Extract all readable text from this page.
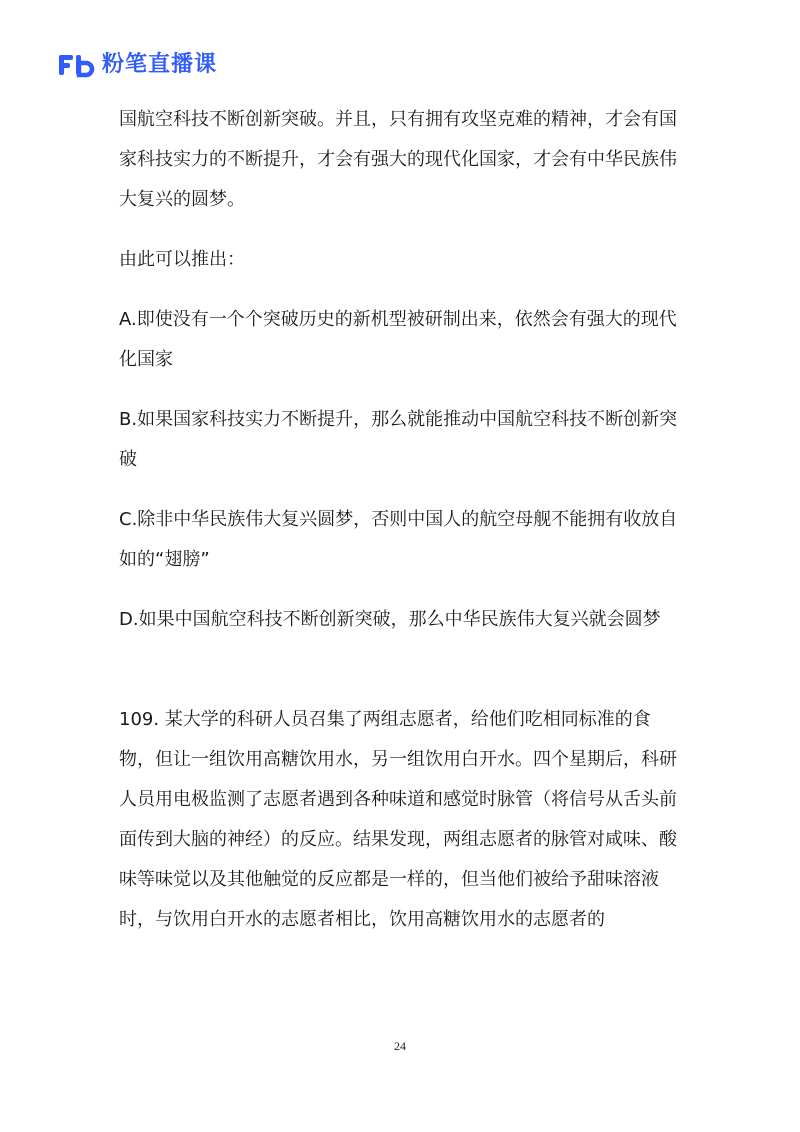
粉笔直播课

国航空科技不断创新突破。并且，只有拥有攻坚克难的精神，才会有国家科技实力的不断提升，才会有强大的现代化国家，才会有中华民族伟大复兴的圆梦。

由此可以推出：

A.即使没有一个个突破历史的新机型被研制出来，依然会有强大的现代化国家

B.如果国家科技实力不断提升，那么就能推动中国航空科技不断创新突破

C.除非中华民族伟大复兴圆梦，否则中国人的航空母舰不能拥有收放自如的“翅膀”

D.如果中国航空科技不断创新突破，那么中华民族伟大复兴就会圆梦

109. 某大学的科研人员召集了两组志愿者，给他们吃相同标准的食物，但让一组饮用高糖饮用水，另一组饮用白开水。四个星期后，科研人员用电极监测了志愿者遇到各种味道和感觉时脉管（将信号从舌头前面传到大脑的神经）的反应。结果发现，两组志愿者的脉管对咸味、酸味等味觉以及其他触觉的反应都是一样的，但当他们被给予甜味溶液时，与饮用白开水的志愿者相比，饮用高糖饮用水的志愿者的

24
